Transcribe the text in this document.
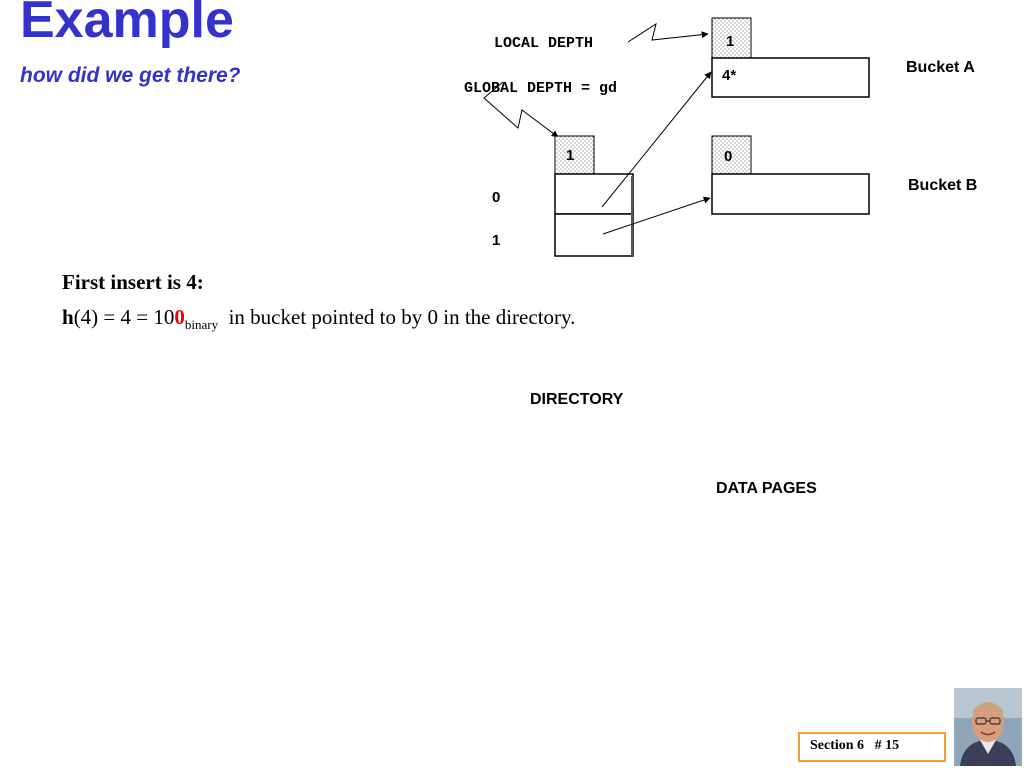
Example
how did we get there?
LOCAL DEPTH
GLOBAL DEPTH = gd
1
0
1
1
4*	Bucket A
0
Bucket B
First insert is 4:
$h(4) = 4 = 100_{binary}$ in bucket pointed to by 0 in the directory.
DIRECTORY
DATA PAGES
Section 6 # 15
